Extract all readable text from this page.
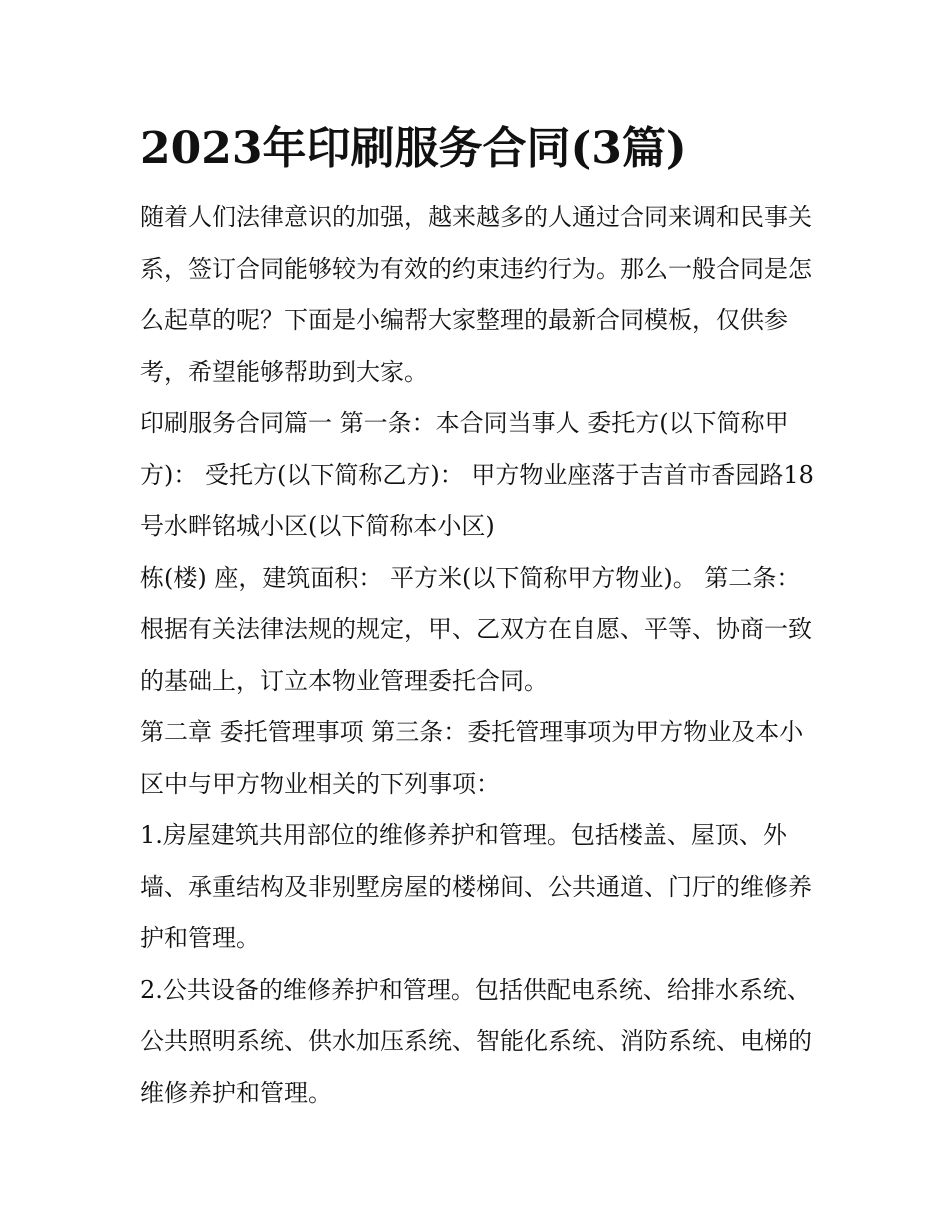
2023年印刷服务合同(3篇)

随着人们法律意识的加强，越来越多的人通过合同来调和民事关系，签订合同能够较为有效的约束违约行为。那么一般合同是怎么起草的呢？下面是小编帮大家整理的最新合同模板，仅供参考，希望能够帮助到大家。

印刷服务合同篇一 第一条：本合同当事人 委托方(以下简称甲方)： 受托方(以下简称乙方)： 甲方物业座落于吉首市香园路18号水畔铭城小区(以下简称本小区)

栋(楼) 座，建筑面积： 平方米(以下简称甲方物业)。 第二条：根据有关法律法规的规定，甲、乙双方在自愿、平等、协商一致的基础上，订立本物业管理委托合同。

第二章 委托管理事项 第三条：委托管理事项为甲方物业及本小区中与甲方物业相关的下列事项：

1.房屋建筑共用部位的维修养护和管理。包括楼盖、屋顶、外墙、承重结构及非别墅房屋的楼梯间、公共通道、门厅的维修养护和管理。

2.公共设备的维修养护和管理。包括供配电系统、给排水系统、公共照明系统、供水加压系统、智能化系统、消防系统、电梯的维修养护和管理。
